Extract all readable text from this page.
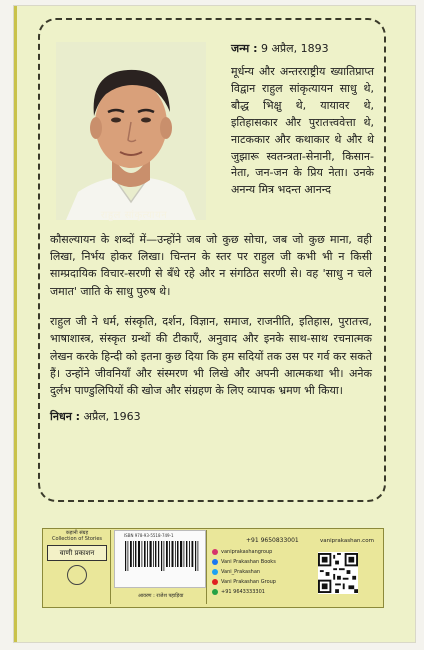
राहुल सांकृत्यायन
जन्म : 9 अप्रैल, 1893
मूर्धन्य और अन्तरराष्ट्रीय ख्यातिप्राप्त विद्वान राहुल सांकृत्यायन साधु थे, बौद्ध भिक्षु थे, यायावर थे, इतिहासकार और पुरातत्त्ववेत्ता थे, नाटककार और कथाकार थे और थे जुझारू स्वतन्त्रता-सेनानी, किसान-नेता, जन-जन के प्रिय नेता। उनके अनन्य मित्र भदन्त आनन्द
कौसल्यायन के शब्दों में—उन्होंने जब जो कुछ सोचा, जब जो कुछ माना, वही लिखा, निर्भय होकर लिखा। चिन्तन के स्तर पर राहुल जी कभी भी न किसी साम्प्रदायिक विचार-सरणी से बँधे रहे और न संगठित सरणी से। वह 'साधु न चले जमात' जाति के साधु पुरुष थे।
राहुल जी ने धर्म, संस्कृति, दर्शन, विज्ञान, समाज, राजनीति, इतिहास, पुरातत्त्व, भाषाशास्त्र, संस्कृत ग्रन्थों की टीकाएँ, अनुवाद और इनके साथ-साथ रचनात्मक लेखन करके हिन्दी को इतना कुछ दिया कि हम सदियों तक उस पर गर्व कर सकते हैं। उन्होंने जीवनियाँ और संस्मरण भी लिखे और अपनी आत्मकथा भी। अनेक दुर्लभ पाण्डुलिपियों की खोज और संग्रहण के लिए व्यापक भ्रमण भी किया।
निधन : अप्रैल, 1963
कहानी संग्रह
Collection of Stories
वाणी प्रकाशन
ISBN 978-93-5518-749-1
आवरण : राजेश पहाड़िया
+91 9650833001
vaniprakashangroup
Vani Prakashan Books
Vani_Prakashan
Vani Prakashan Group
+91 9643333301
vaniprakashan.com
